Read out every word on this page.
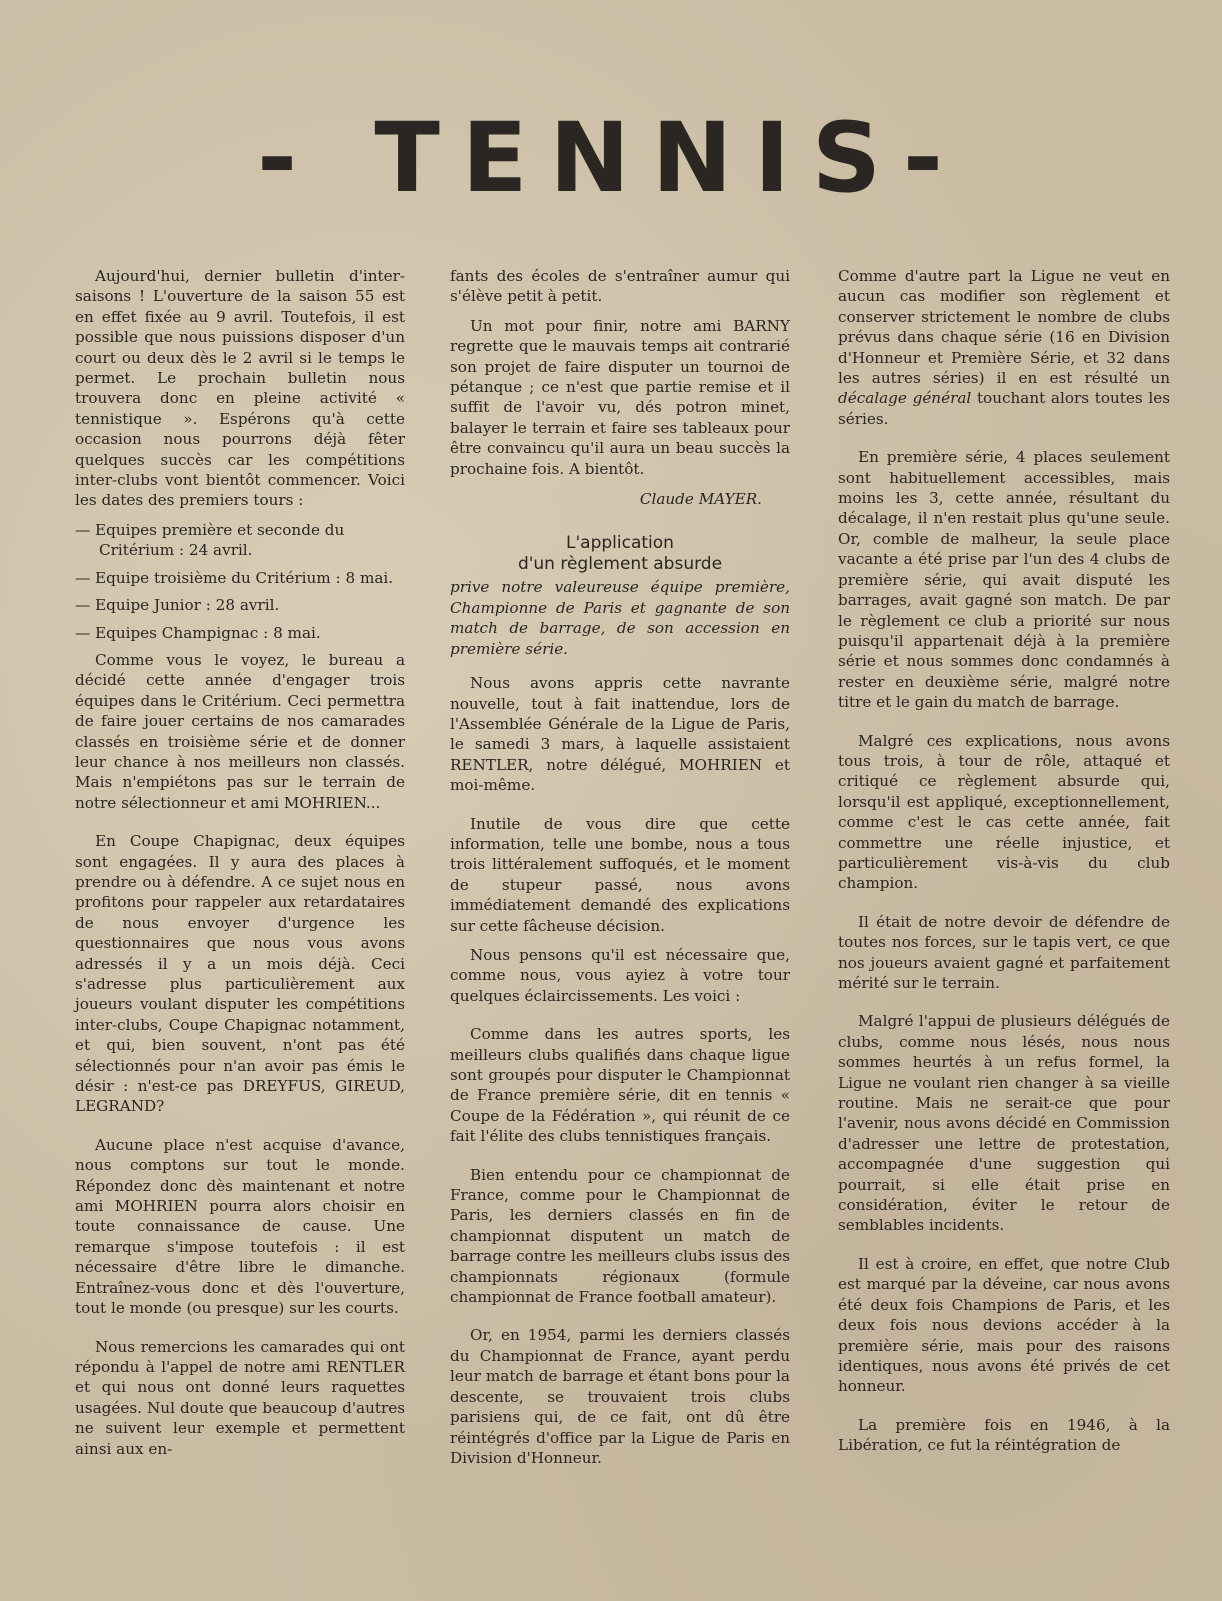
- TENNIS-

Aujourd'hui, dernier bulletin d'inter-saisons ! L'ouverture de la saison 55 est en effet fixée au 9 avril. Toutefois, il est possible que nous puissions disposer d'un court ou deux dès le 2 avril si le temps le permet. Le prochain bulletin nous trouvera donc en pleine activité « tennistique ». Espérons qu'à cette occasion nous pourrons déjà fêter quelques succès car les compétitions inter-clubs vont bientôt commencer. Voici les dates des premiers tours :

— Equipes première et seconde du Critérium : 24 avril.

— Equipe troisième du Critérium : 8 mai.

— Equipe Junior : 28 avril.

— Equipes Champignac : 8 mai.

Comme vous le voyez, le bureau a décidé cette année d'engager trois équipes dans le Critérium. Ceci permettra de faire jouer certains de nos camarades classés en troisième série et de donner leur chance à nos meilleurs non classés. Mais n'empiétons pas sur le terrain de notre sélectionneur et ami MOHRIEN...

En Coupe Chapignac, deux équipes sont engagées. Il y aura des places à prendre ou à défendre. A ce sujet nous en profitons pour rappeler aux retardataires de nous envoyer d'urgence les questionnaires que nous vous avons adressés il y a un mois déjà. Ceci s'adresse plus particulièrement aux joueurs voulant disputer les compétitions inter-clubs, Coupe Chapignac notamment, et qui, bien souvent, n'ont pas été sélectionnés pour n'an avoir pas émis le désir : n'est-ce pas DREYFUS, GIREUD, LEGRAND?

Aucune place n'est acquise d'avance, nous comptons sur tout le monde. Répondez donc dès maintenant et notre ami MOHRIEN pourra alors choisir en toute connaissance de cause. Une remarque s'impose toutefois : il est nécessaire d'être libre le dimanche. Entraînez-vous donc et dès l'ouverture, tout le monde (ou presque) sur les courts.

Nous remercions les camarades qui ont répondu à l'appel de notre ami RENTLER et qui nous ont donné leurs raquettes usagées. Nul doute que beaucoup d'autres ne suivent leur exemple et permettent ainsi aux en-

fants des écoles de s'entraîner aumur qui s'élève petit à petit.

Un mot pour finir, notre ami BARNY regrette que le mauvais temps ait contrarié son projet de faire disputer un tournoi de pétanque ; ce n'est que partie remise et il suffit de l'avoir vu, dés potron minet, balayer le terrain et faire ses tableaux pour être convaincu qu'il aura un beau succès la prochaine fois. A bientôt.

Claude MAYER.

L'application
d'un règlement absurde

prive notre valeureuse équipe première, Championne de Paris et gagnante de son match de barrage, de son accession en première série.

Nous avons appris cette navrante nouvelle, tout à fait inattendue, lors de l'Assemblée Générale de la Ligue de Paris, le samedi 3 mars, à laquelle assistaient RENTLER, notre délégué, MOHRIEN et moi-même.

Inutile de vous dire que cette information, telle une bombe, nous a tous trois littéralement suffoqués, et le moment de stupeur passé, nous avons immédiatement demandé des explications sur cette fâcheuse décision.

Nous pensons qu'il est nécessaire que, comme nous, vous ayiez à votre tour quelques éclaircissements. Les voici :

Comme dans les autres sports, les meilleurs clubs qualifiés dans chaque ligue sont groupés pour disputer le Championnat de France première série, dit en tennis « Coupe de la Fédération », qui réunit de ce fait l'élite des clubs tennistiques français.

Bien entendu pour ce championnat de France, comme pour le Championnat de Paris, les derniers classés en fin de championnat disputent un match de barrage contre les meilleurs clubs issus des championnats régionaux (formule championnat de France football amateur).

Or, en 1954, parmi les derniers classés du Championnat de France, ayant perdu leur match de barrage et étant bons pour la descente, se trouvaient trois clubs parisiens qui, de ce fait, ont dû être réintégrés d'office par la Ligue de Paris en Division d'Honneur.

Comme d'autre part la Ligue ne veut en aucun cas modifier son règlement et conserver strictement le nombre de clubs prévus dans chaque série (16 en Division d'Honneur et Première Série, et 32 dans les autres séries) il en est résulté un décalage général touchant alors toutes les séries.

En première série, 4 places seulement sont habituellement accessibles, mais moins les 3, cette année, résultant du décalage, il n'en restait plus qu'une seule. Or, comble de malheur, la seule place vacante a été prise par l'un des 4 clubs de première série, qui avait disputé les barrages, avait gagné son match. De par le règlement ce club a priorité sur nous puisqu'il appartenait déjà à la première série et nous sommes donc condamnés à rester en deuxième série, malgré notre titre et le gain du match de barrage.

Malgré ces explications, nous avons tous trois, à tour de rôle, attaqué et critiqué ce règlement absurde qui, lorsqu'il est appliqué, exceptionnellement, comme c'est le cas cette année, fait commettre une réelle injustice, et particulièrement vis-à-vis du club champion.

Il était de notre devoir de défendre de toutes nos forces, sur le tapis vert, ce que nos joueurs avaient gagné et parfaitement mérité sur le terrain.

Malgré l'appui de plusieurs délégués de clubs, comme nous lésés, nous nous sommes heurtés à un refus formel, la Ligue ne voulant rien changer à sa vieille routine. Mais ne serait-ce que pour l'avenir, nous avons décidé en Commission d'adresser une lettre de protestation, accompagnée d'une suggestion qui pourrait, si elle était prise en considération, éviter le retour de semblables incidents.

Il est à croire, en effet, que notre Club est marqué par la déveine, car nous avons été deux fois Champions de Paris, et les deux fois nous devions accéder à la première série, mais pour des raisons identiques, nous avons été privés de cet honneur.

La première fois en 1946, à la Libération, ce fut la réintégration de
